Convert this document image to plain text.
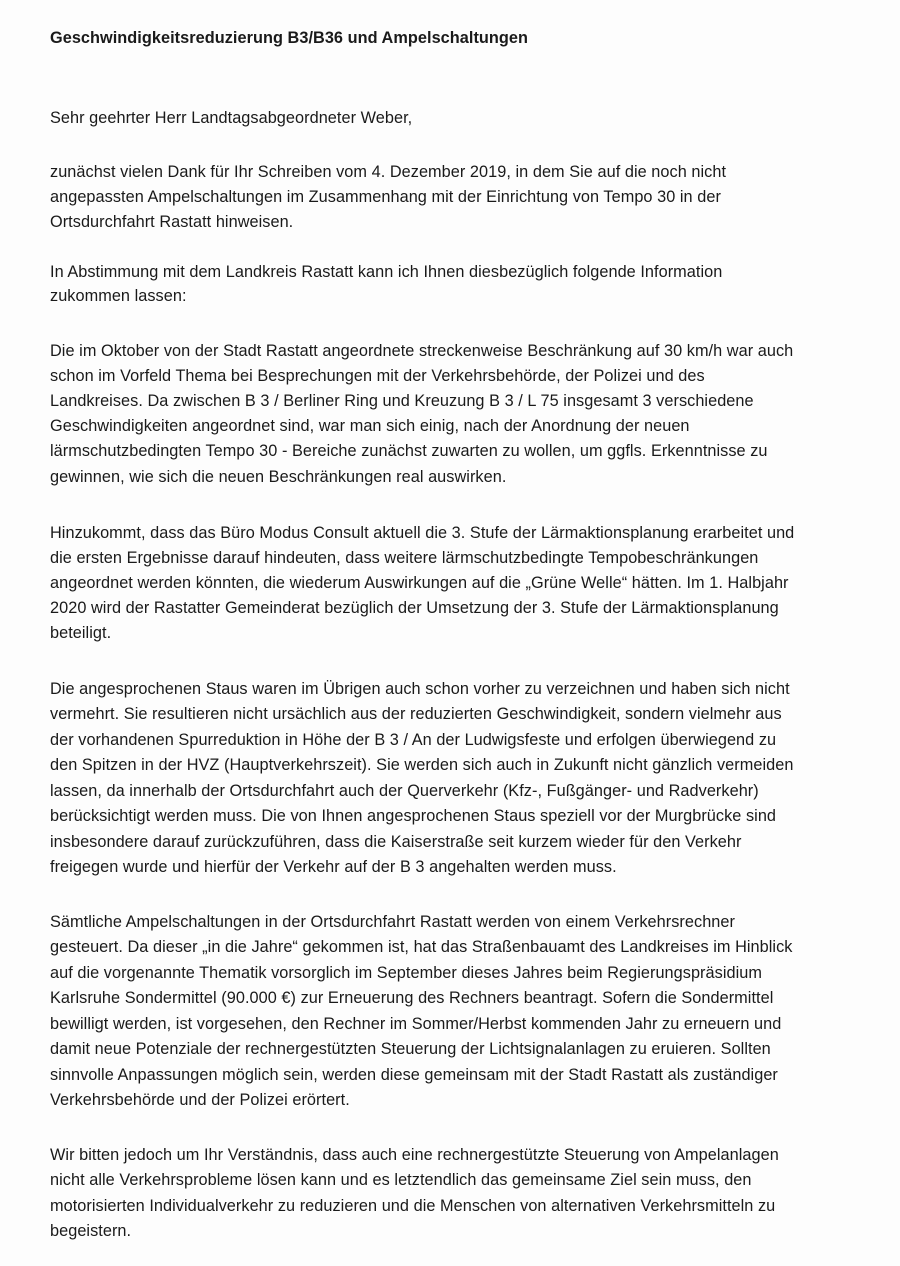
Geschwindigkeitsreduzierung B3/B36 und Ampelschaltungen
Sehr geehrter Herr Landtagsabgeordneter Weber,
zunächst vielen Dank für Ihr Schreiben vom 4. Dezember 2019, in dem Sie auf die noch nicht
angepassten Ampelschaltungen im Zusammenhang mit der Einrichtung von Tempo 30 in der
Ortsdurchfahrt Rastatt hinweisen.
In Abstimmung mit dem Landkreis Rastatt kann ich Ihnen diesbezüglich folgende Information
zukommen lassen:
Die im Oktober von der Stadt Rastatt angeordnete streckenweise Beschränkung auf 30 km/h war auch
schon im Vorfeld Thema bei Besprechungen mit der Verkehrsbehörde, der Polizei und des
Landkreises. Da zwischen B 3 / Berliner Ring und Kreuzung B 3 / L 75 insgesamt 3 verschiedene
Geschwindigkeiten angeordnet sind, war man sich einig, nach der Anordnung der neuen
lärmschutzbedingten Tempo 30 - Bereiche zunächst zuwarten zu wollen, um ggfls. Erkenntnisse zu
gewinnen, wie sich die neuen Beschränkungen real auswirken.
Hinzukommt, dass das Büro Modus Consult aktuell die 3. Stufe der Lärmaktionsplanung erarbeitet und
die ersten Ergebnisse darauf hindeuten, dass weitere lärmschutzbedingte Tempobeschränkungen
angeordnet werden könnten, die wiederum Auswirkungen auf die „Grüne Welle“ hätten. Im 1. Halbjahr
2020 wird der Rastatter Gemeinderat bezüglich der Umsetzung der 3. Stufe der Lärmaktionsplanung
beteiligt.
Die angesprochenen Staus waren im Übrigen auch schon vorher zu verzeichnen und haben sich nicht
vermehrt. Sie resultieren nicht ursächlich aus der reduzierten Geschwindigkeit, sondern vielmehr aus
der vorhandenen Spurreduktion in Höhe der B 3 / An der Ludwigsfeste und erfolgen überwiegend zu
den Spitzen in der HVZ (Hauptverkehrszeit). Sie werden sich auch in Zukunft nicht gänzlich vermeiden
lassen, da innerhalb der Ortsdurchfahrt auch der Querverkehr (Kfz-, Fußgänger- und Radverkehr)
berücksichtigt werden muss. Die von Ihnen angesprochenen Staus speziell vor der Murgbrücke sind
insbesondere darauf zurückzuführen, dass die Kaiserstraße seit kurzem wieder für den Verkehr
freigegen wurde und hierfür der Verkehr auf der B 3 angehalten werden muss.
Sämtliche Ampelschaltungen in der Ortsdurchfahrt Rastatt werden von einem Verkehrsrechner
gesteuert. Da dieser „in die Jahre“ gekommen ist, hat das Straßenbauamt des Landkreises im Hinblick
auf die vorgenannte Thematik vorsorglich im September dieses Jahres beim Regierungspräsidium
Karlsruhe Sondermittel (90.000 €) zur Erneuerung des Rechners beantragt. Sofern die Sondermittel
bewilligt werden, ist vorgesehen, den Rechner im Sommer/Herbst kommenden Jahr zu erneuern und
damit neue Potenziale der rechnergestützten Steuerung der Lichtsignalanlagen zu eruieren. Sollten
sinnvolle Anpassungen möglich sein, werden diese gemeinsam mit der Stadt Rastatt als zuständiger
Verkehrsbehörde und der Polizei erörtert.
Wir bitten jedoch um Ihr Verständnis, dass auch eine rechnergestützte Steuerung von Ampelanlagen
nicht alle Verkehrsprobleme lösen kann und es letztendlich das gemeinsame Ziel sein muss, den
motorisierten Individualverkehr zu reduzieren und die Menschen von alternativen Verkehrsmitteln zu
begeistern.
